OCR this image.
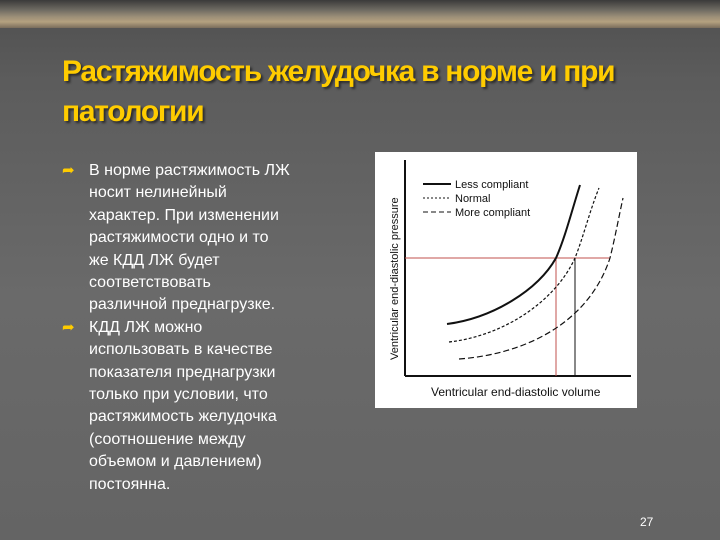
Растяжимость желудочка в норме и при
патологии
➦ В норме растяжимость ЛЖ
носит нелинейный
характер. При изменении
растяжимости одно и то
же КДД ЛЖ будет
соответствовать
различной преднагрузке.
➦ КДД ЛЖ можно
использовать в качестве
показателя преднагрузки
только при условии, что
растяжимость желудочка
(соотношение между
объемом и давлением)
постоянна.
Less compliant
Normal
More compliant
Ventricular end-diastolic volume
Ventricular end-diastolic pressure
27
